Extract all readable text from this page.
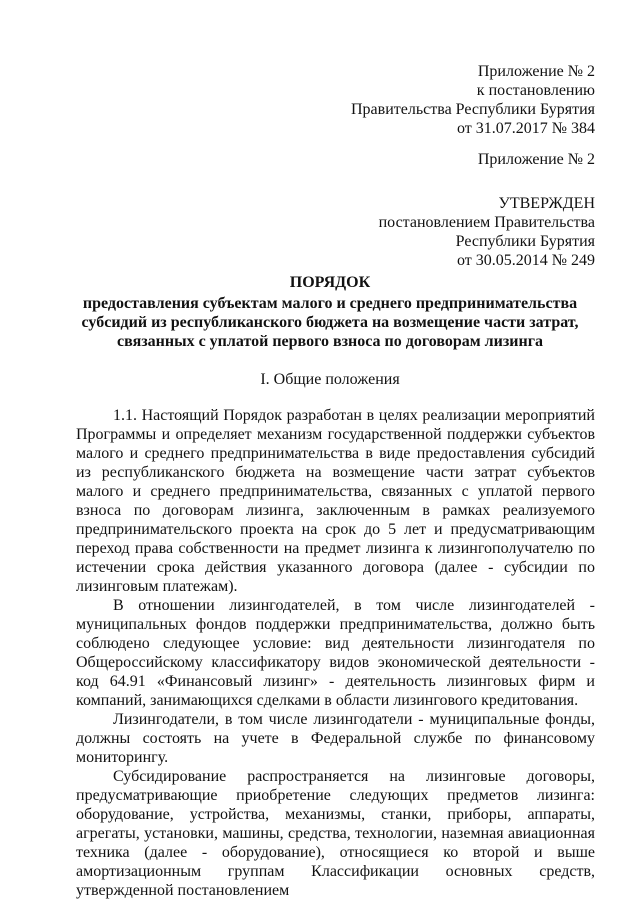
Приложение № 2
к постановлению
Правительства Республики Бурятия
от 31.07.2017 № 384
Приложение № 2
УТВЕРЖДЕН
постановлением Правительства
Республики Бурятия
от 30.05.2014 № 249
ПОРЯДОК
предоставления субъектам малого и среднего предпринимательства
субсидий из республиканского бюджета на возмещение части затрат,
связанных с уплатой первого взноса по договорам лизинга
I. Общие положения

1.1. Настоящий Порядок разработан в целях реализации мероприятий Программы и определяет механизм государственной поддержки субъектов малого и среднего предпринимательства в виде предоставления субсидий из республиканского бюджета на возмещение части затрат субъектов малого и среднего предпринимательства, связанных с уплатой первого взноса по договорам лизинга, заключенным в рамках реализуемого предпринимательского проекта на срок до 5 лет и предусматривающим переход права собственности на предмет лизинга к лизингополучателю по истечении срока действия указанного договора (далее - субсидии по лизинговым платежам).

В отношении лизингодателей, в том числе лизингодателей - муниципальных фондов поддержки предпринимательства, должно быть соблюдено следующее условие: вид деятельности лизингодателя по Общероссийскому классификатору видов экономической деятельности - код 64.91 «Финансовый лизинг» - деятельность лизинговых фирм и компаний, занимающихся сделками в области лизингового кредитования.

Лизингодатели, в том числе лизингодатели - муниципальные фонды, должны состоять на учете в Федеральной службе по финансовому мониторингу.

Субсидирование распространяется на лизинговые договоры, предусматривающие приобретение следующих предметов лизинга: оборудование, устройства, механизмы, станки, приборы, аппараты, агрегаты, установки, машины, средства, технологии, наземная авиационная техника (далее - оборудование), относящиеся ко второй и выше амортизационным группам Классификации основных средств, утвержденной постановлением
